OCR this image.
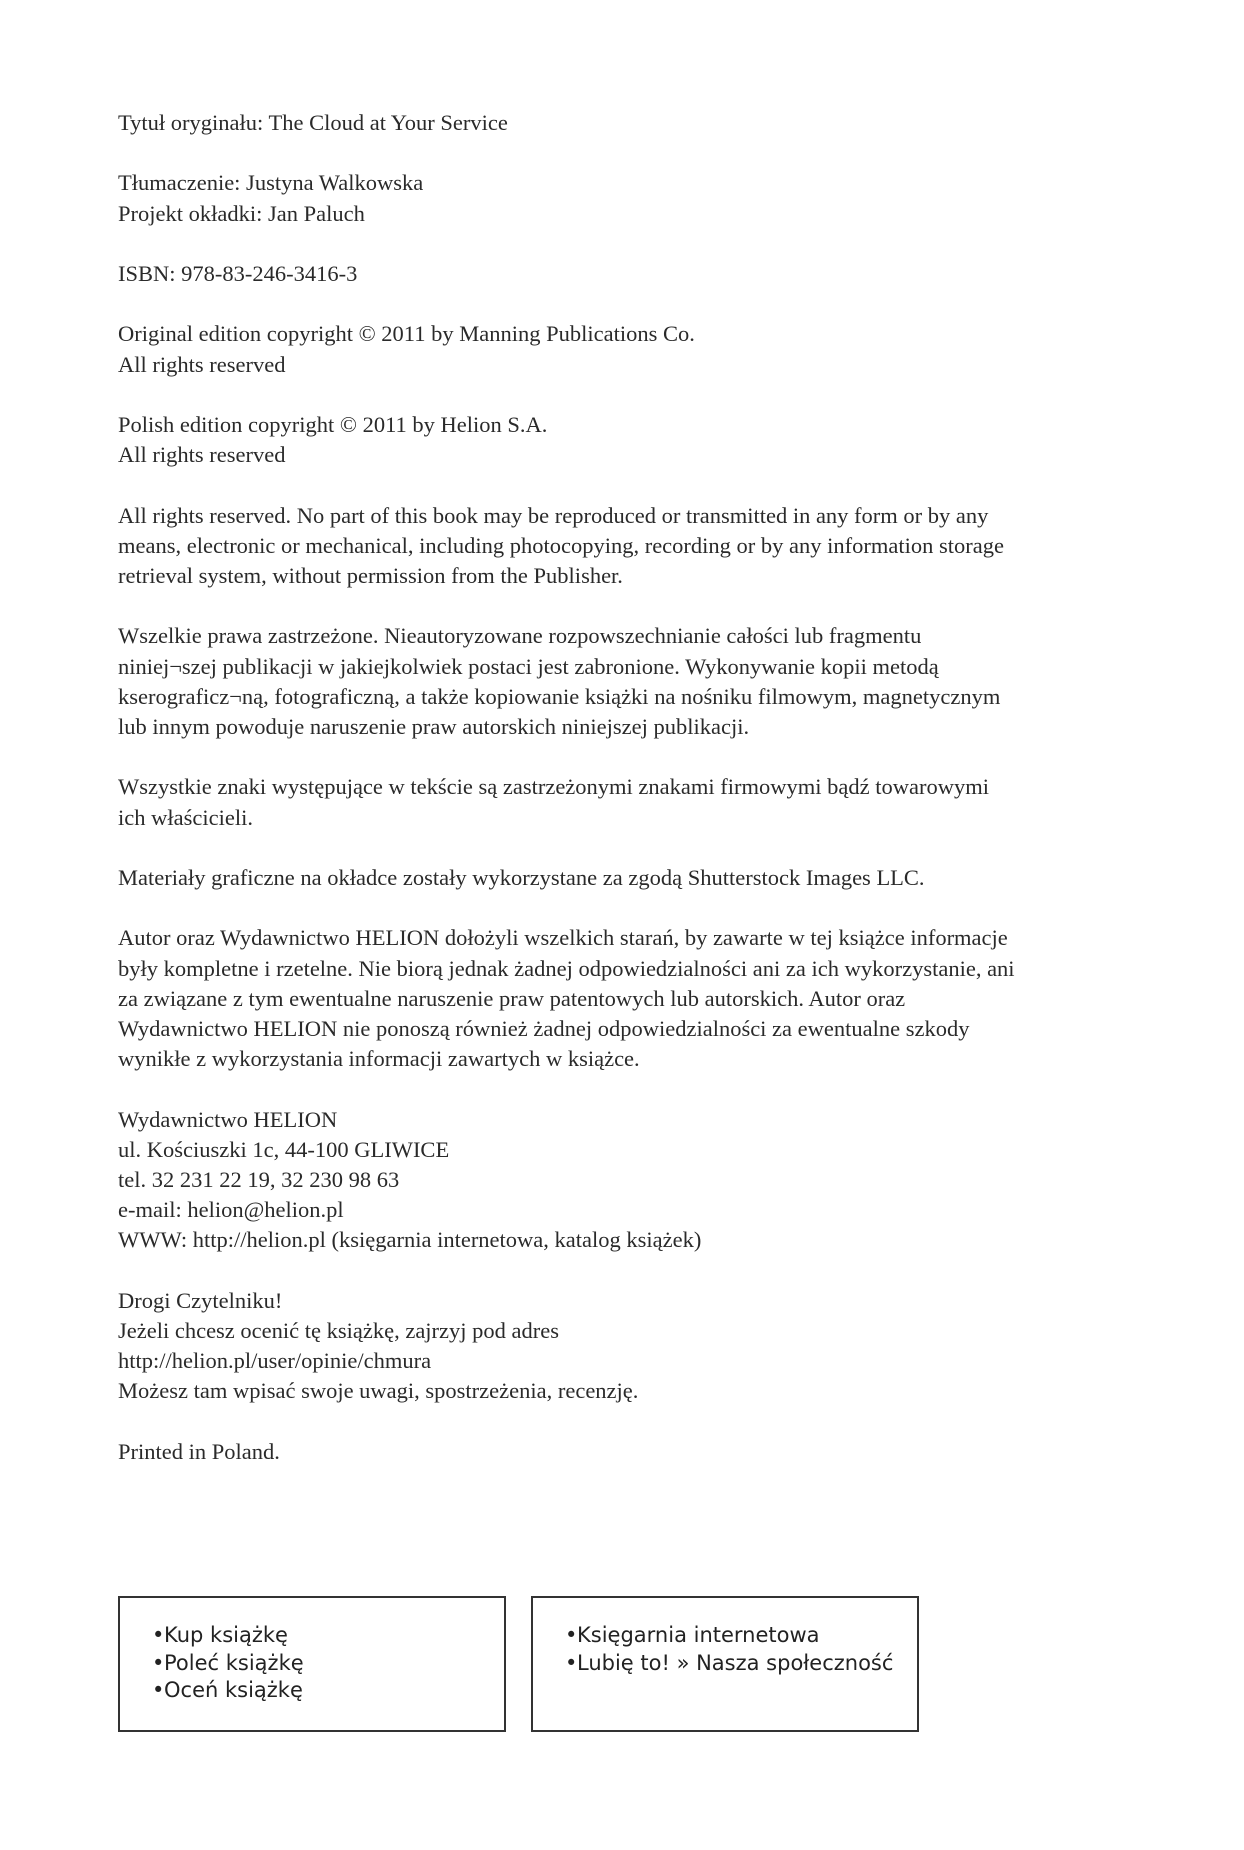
Tytuł oryginału: The Cloud at Your Service
Tłumaczenie: Justyna Walkowska
Projekt okładki: Jan Paluch
ISBN: 978-83-246-3416-3
Original edition copyright © 2011 by Manning Publications Co.
All rights reserved
Polish edition copyright © 2011 by Helion S.A.
All rights reserved
All rights reserved. No part of this book may be reproduced or transmitted in any form or by any
means, electronic or mechanical, including photocopying, recording or by any information storage
retrieval system, without permission from the Publisher.
Wszelkie prawa zastrzeżone. Nieautoryzowane rozpowszechnianie całości lub fragmentu
niniej¬szej publikacji w jakiejkolwiek postaci jest zabronione. Wykonywanie kopii metodą
kserograficz¬ną, fotograficzną, a także kopiowanie książki na nośniku filmowym, magnetycznym
lub innym powoduje naruszenie praw autorskich niniejszej publikacji.
Wszystkie znaki występujące w tekście są zastrzeżonymi znakami firmowymi bądź towarowymi
ich właścicieli.
Materiały graficzne na okładce zostały wykorzystane za zgodą Shutterstock Images LLC.
Autor oraz Wydawnictwo HELION dołożyli wszelkich starań, by zawarte w tej książce informacje
były kompletne i rzetelne. Nie biorą jednak żadnej odpowiedzialności ani za ich wykorzystanie, ani
za związane z tym ewentualne naruszenie praw patentowych lub autorskich. Autor oraz
Wydawnictwo HELION nie ponoszą również żadnej odpowiedzialności za ewentualne szkody
wynikłe z wykorzystania informacji zawartych w książce.
Wydawnictwo HELION
ul. Kościuszki 1c, 44-100 GLIWICE
tel. 32 231 22 19, 32 230 98 63
e-mail: helion@helion.pl
WWW: http://helion.pl (księgarnia internetowa, katalog książek)
Drogi Czytelniku!
Jeżeli chcesz ocenić tę książkę, zajrzyj pod adres
http://helion.pl/user/opinie/chmura
Możesz tam wpisać swoje uwagi, spostrzeżenia, recenzję.
Printed in Poland.
•Kup książkę
•Poleć książkę
•Oceń książkę
•Księgarnia internetowa
•Lubię to! » Nasza społeczność
